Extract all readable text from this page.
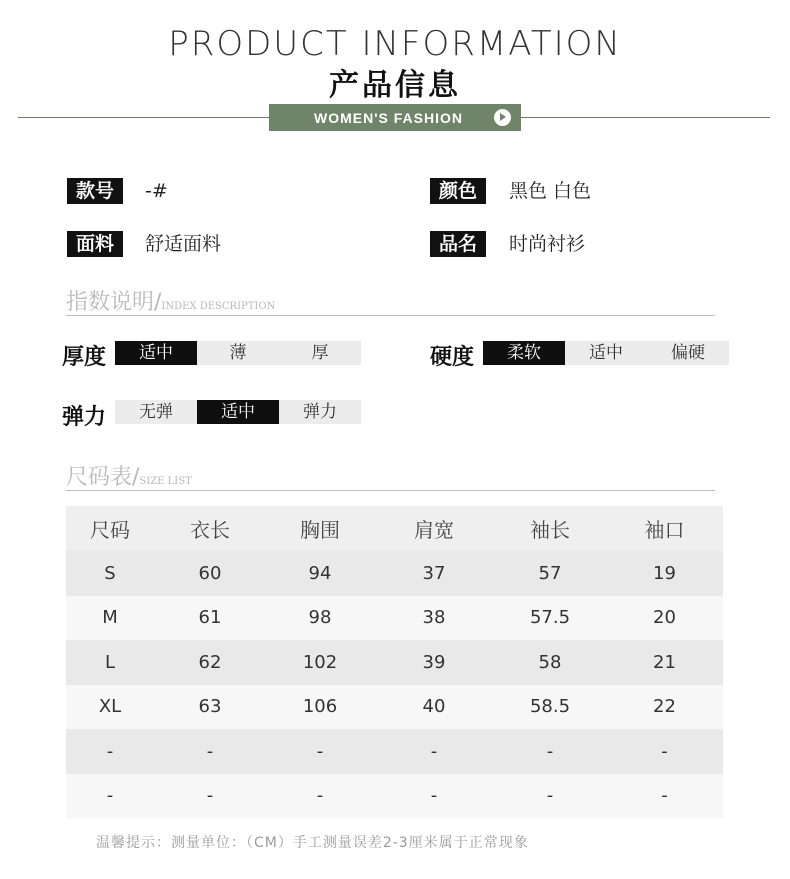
PRODUCT INFORMATION
产品信息
WOMEN'S FASHION
款号	-#	颜色	黑色 白色
面料	舒适面料	品名	时尚衬衫
指数说明/INDEX DESCRIPTION
厚度	适中	薄	厚	硬度	柔软	适中	偏硬
弹力	无弹	适中	弹力
尺码表/SIZE LIST
尺码	衣长	胸围	肩宽	袖长	袖口
S	60	94	37	57	19
M	61	98	38	57.5	20
L	62	102	39	58	21
XL	63	106	40	58.5	22
-	-	-	-	-	-
-	-	-	-	-	-
温馨提示：测量单位：（CM）手工测量误差2-3厘米属于正常现象
